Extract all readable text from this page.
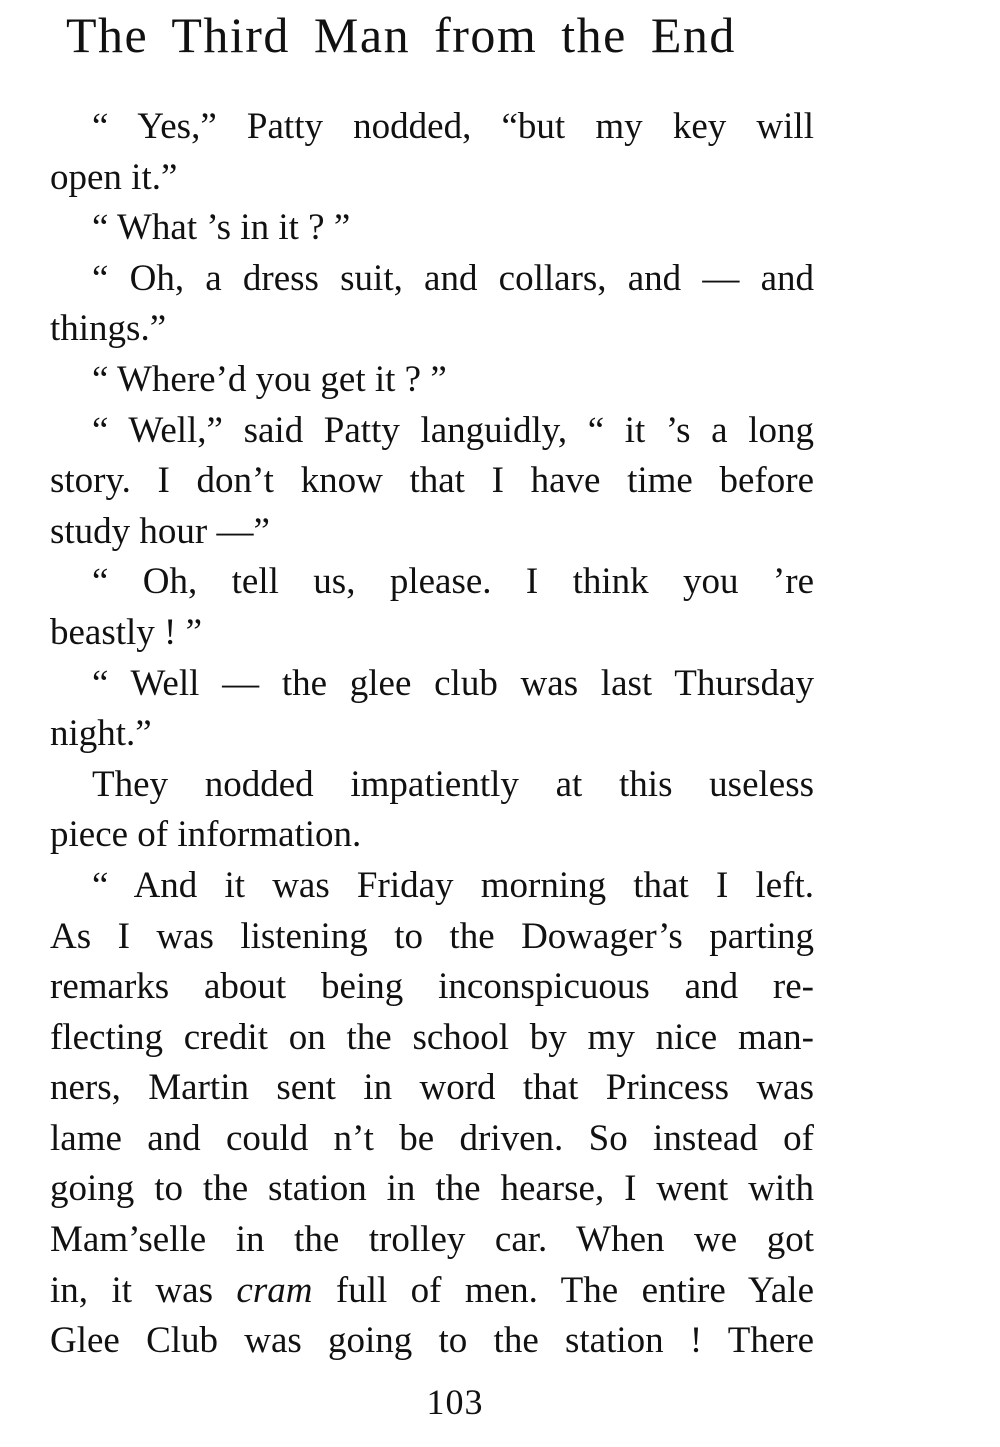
The Third Man from the End
“ Yes,” Patty nodded, “but my key will
open it.”
“ What ’s in it ? ”
“ Oh, a dress suit, and collars, and — and
things.”
“ Where’d you get it ? ”
“ Well,” said Patty languidly, “ it ’s a long
story. I don’t know that I have time before
study hour —”
“ Oh, tell us, please. I think you ’re
beastly ! ”
“ Well — the glee club was last Thursday
night.”
They nodded impatiently at this useless
piece of information.
“ And it was Friday morning that I left.
As I was listening to the Dowager’s parting
remarks about being inconspicuous and re-
flecting credit on the school by my nice man-
ners, Martin sent in word that Princess was
lame and could n’t be driven. So instead of
going to the station in the hearse, I went with
Mam’selle in the trolley car. When we got
in, it was cram full of men. The entire Yale
Glee Club was going to the station ! There
103
